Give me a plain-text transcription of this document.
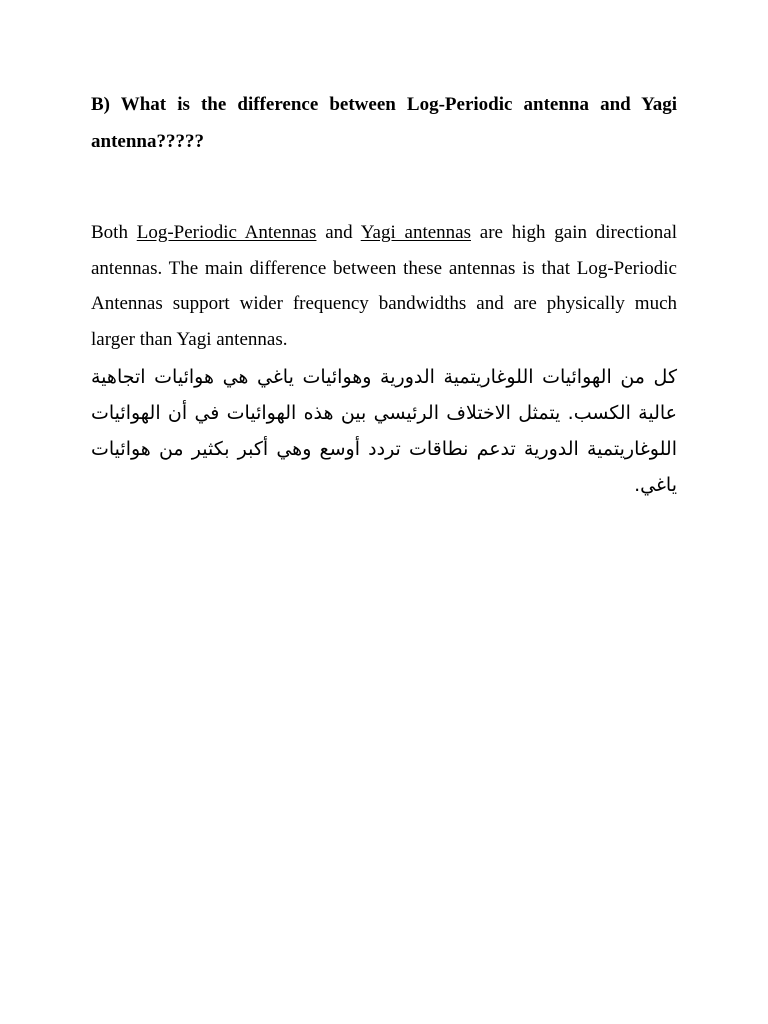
B) What is the difference between Log-Periodic antenna and Yagi antenna?????

Both Log-Periodic Antennas and Yagi antennas are high gain directional antennas. The main difference between these antennas is that Log-Periodic Antennas support wider frequency bandwidths and are physically much larger than Yagi antennas.

كل من الهوائيات اللوغاريتمية الدورية وهوائيات ياغي هي هوائيات اتجاهية عالية الكسب. يتمثل الاختلاف الرئيسي بين هذه الهوائيات في أن الهوائيات اللوغاريتمية الدورية تدعم نطاقات تردد أوسع وهي أكبر بكثير من هوائيات ياغي.
